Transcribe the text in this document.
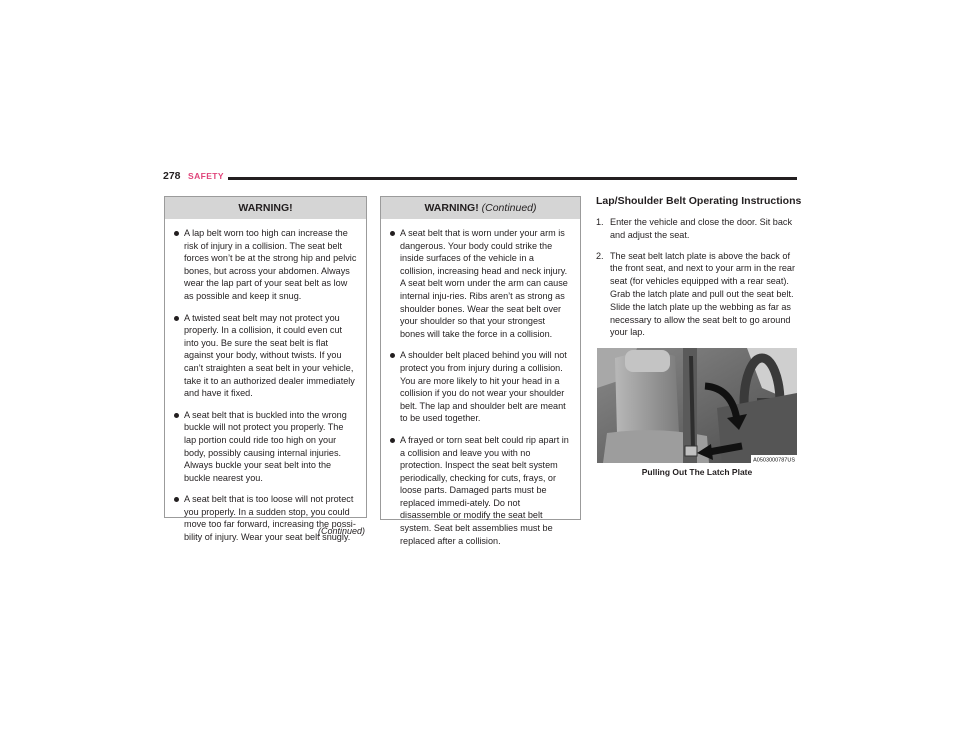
278 SAFETY
WARNING!
A lap belt worn too high can increase the risk of injury in a collision. The seat belt forces won’t be at the strong hip and pelvic bones, but across your abdomen. Always wear the lap part of your seat belt as low as possible and keep it snug.
A twisted seat belt may not protect you properly. In a collision, it could even cut into you. Be sure the seat belt is flat against your body, without twists. If you can’t straighten a seat belt in your vehicle, take it to an authorized dealer immediately and have it fixed.
A seat belt that is buckled into the wrong buckle will not protect you properly. The lap portion could ride too high on your body, possibly causing internal injuries. Always buckle your seat belt into the buckle nearest you.
A seat belt that is too loose will not protect you properly. In a sudden stop, you could move too far forward, increasing the possi-bility of injury. Wear your seat belt snugly.
(Continued)
WARNING! (Continued)
A seat belt that is worn under your arm is dangerous. Your body could strike the inside surfaces of the vehicle in a collision, increasing head and neck injury. A seat belt worn under the arm can cause internal inju-ries. Ribs aren’t as strong as shoulder bones. Wear the seat belt over your shoulder so that your strongest bones will take the force in a collision.
A shoulder belt placed behind you will not protect you from injury during a collision. You are more likely to hit your head in a collision if you do not wear your shoulder belt. The lap and shoulder belt are meant to be used together.
A frayed or torn seat belt could rip apart in a collision and leave you with no protection. Inspect the seat belt system periodically, checking for cuts, frays, or loose parts. Damaged parts must be replaced immedi-ately. Do not disassemble or modify the seat belt system. Seat belt assemblies must be replaced after a collision.
Lap/Shoulder Belt Operating Instructions
1. Enter the vehicle and close the door. Sit back and adjust the seat.
2. The seat belt latch plate is above the back of the front seat, and next to your arm in the rear seat (for vehicles equipped with a rear seat). Grab the latch plate and pull out the seat belt. Slide the latch plate up the webbing as far as necessary to allow the seat belt to go around your lap.
A0503000787US
Pulling Out The Latch Plate
